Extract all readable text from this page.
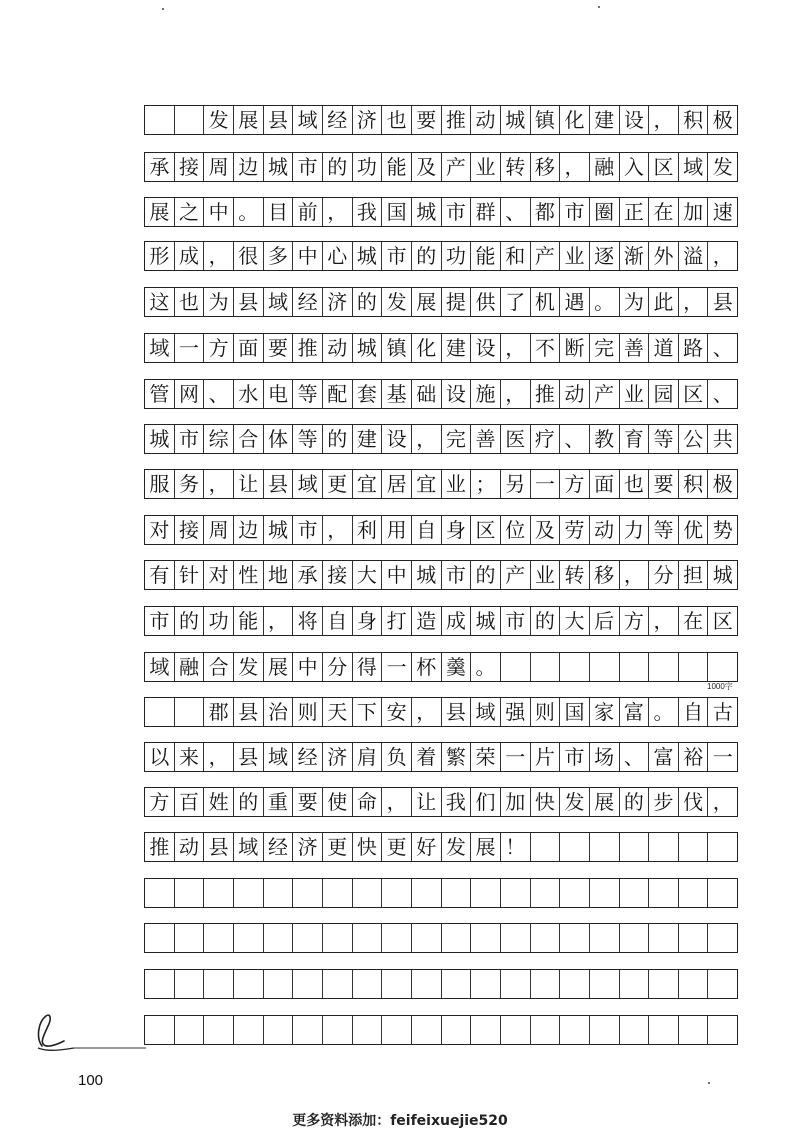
发 展 县 域 经 济 也 要 推 动 城 镇 化 建 设 ， 积 极
承 接 周 边 城 市 的 功 能 及 产 业 转 移 ， 融 入 区 域 发
展 之 中 。 目 前 ， 我 国 城 市 群 、 都 市 圈 正 在 加 速
形 成 ， 很 多 中 心 城 市 的 功 能 和 产 业 逐 渐 外 溢 ，
这 也 为 县 域 经 济 的 发 展 提 供 了 机 遇 。 为 此 ， 县
域 一 方 面 要 推 动 城 镇 化 建 设 ， 不 断 完 善 道 路 、
管 网 、 水 电 等 配 套 基 础 设 施 ， 推 动 产 业 园 区 、
城 市 综 合 体 等 的 建 设 ， 完 善 医 疗 、 教 育 等 公 共
服 务 ， 让 县 域 更 宜 居 宜 业 ； 另 一 方 面 也 要 积 极
对 接 周 边 城 市 ， 利 用 自 身 区 位 及 劳 动 力 等 优 势
有 针 对 性 地 承 接 大 中 城 市 的 产 业 转 移 ， 分 担 城
市 的 功 能 ， 将 自 身 打 造 成 城 市 的 大 后 方 ， 在 区
域 融 合 发 展 中 分 得 一 杯 羹 。

郡 县 治 则 天 下 安 ， 县 域 强 则 国 家 富 。 自 古
以 来 ， 县 域 经 济 肩 负 着 繁 荣 一 片 市 场 、 富 裕 一
方 百 姓 的 重 要 使 命 ， 让 我 们 加 快 发 展 的 步 伐 ，
推 动 县 域 经 济 更 快 更 好 发 展 ！
1000字
100
更多资料添加：feifeixuejie520
